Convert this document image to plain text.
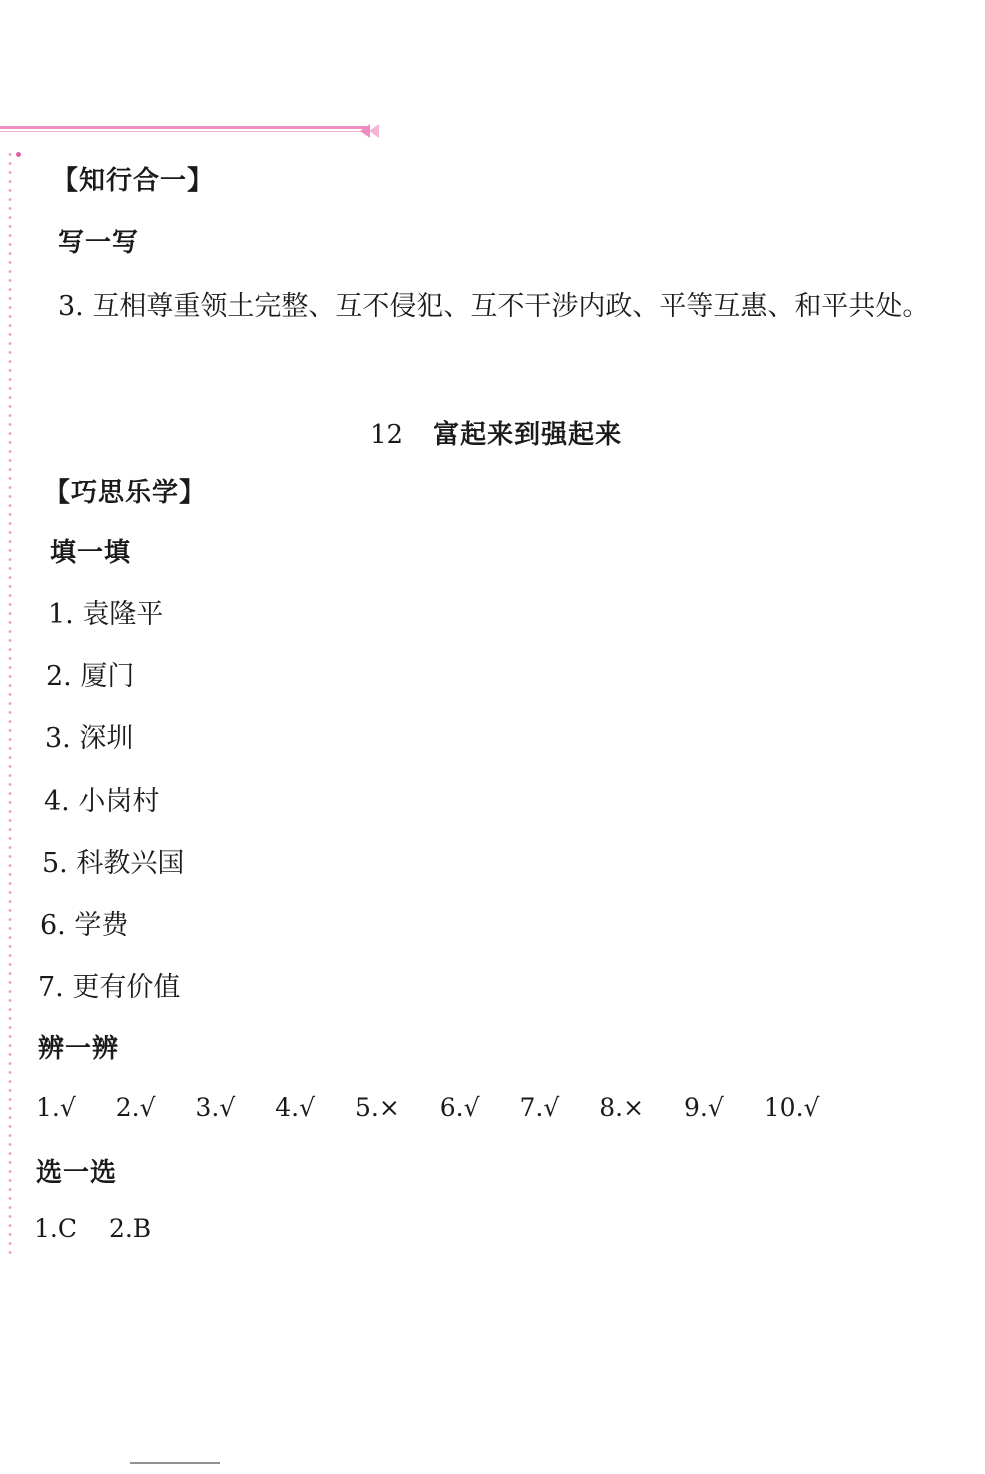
【知行合一】
写一写
3. 互相尊重领土完整、互不侵犯、互不干涉内政、平等互惠、和平共处。
12 富起来到强起来
【巧思乐学】
填一填
1. 袁隆平
2. 厦门
3. 深圳
4. 小岗村
5. 科教兴国
6. 学费
7. 更有价值
辨一辨
1.√ 2.√ 3.√ 4.√ 5.× 6.√ 7.√ 8.× 9.√ 10.√
选一选
1.C 2.B
